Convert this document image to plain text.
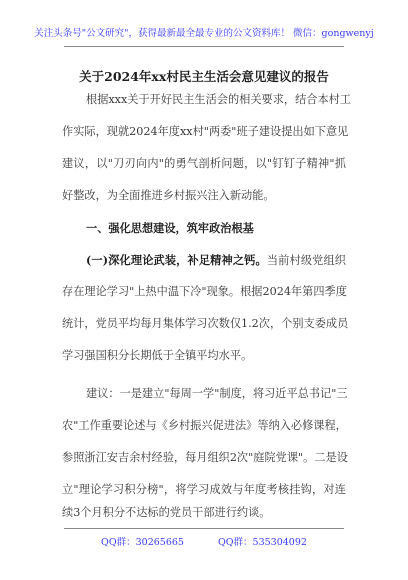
关注头条号"公文研究"，获得最新最全最专业的公文资料库！ 微信：gongwenyj
关于2024年xx村民主生活会意见建议的报告
根据xxx关于开好民主生活会的相关要求，结合本村工
作实际，现就2024年度xx村"两委"班子建设提出如下意见
建议，以"刀刃向内"的勇气剖析问题，以"钉钉子精神"抓
好整改，为全面推进乡村振兴注入新动能。
一、强化思想建设，筑牢政治根基
(一)深化理论武装，补足精神之钙。当前村级党组织
存在理论学习"上热中温下冷"现象。根据2024年第四季度
统计，党员平均每月集体学习次数仅1.2次，个别支委成员
学习强国积分长期低于全镇平均水平。
建议：一是建立"每周一学"制度，将习近平总书记"三
农"工作重要论述与《乡村振兴促进法》等纳入必修课程，
参照浙江安吉余村经验，每月组织2次"庭院党课"。二是设
立"理论学习积分榜"，将学习成效与年度考核挂钩，对连
续3个月积分不达标的党员干部进行约谈。
QQ群：30265665	QQ群：535304092
